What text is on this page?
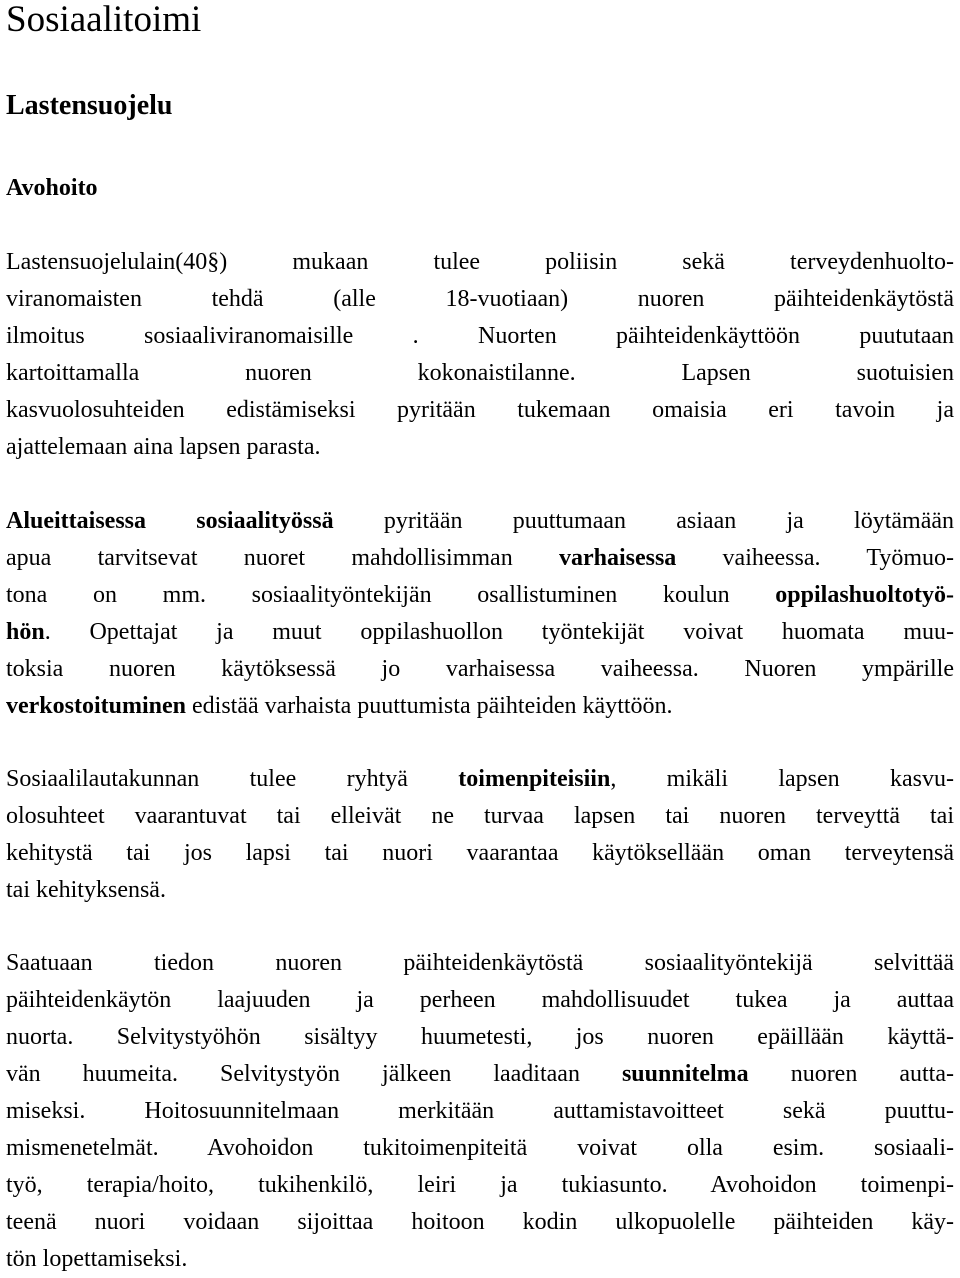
Sosiaalitoimi
Lastensuojelu
Avohoito
Lastensuojelulain(40§) mukaan tulee poliisin sekä terveydenhuolto-
viranomaisten tehdä (alle 18-vuotiaan) nuoren päihteidenkäytöstä
ilmoitus sosiaaliviranomaisille . Nuorten päihteidenkäyttöön puututaan
kartoittamalla nuoren kokonaistilanne. Lapsen suotuisien
kasvuolosuhteiden edistämiseksi pyritään tukemaan omaisia eri tavoin ja
ajattelemaan aina lapsen parasta.
Alueittaisessa sosiaalityössä pyritään puuttumaan asiaan ja löytämään
apua tarvitsevat nuoret mahdollisimman varhaisessa vaiheessa. Työmuo-
tona on mm. sosiaalityöntekijän osallistuminen koulun oppilashuoltotyö-
hön. Opettajat ja muut oppilashuollon työntekijät voivat huomata muu-
toksia nuoren käytöksessä jo varhaisessa vaiheessa. Nuoren ympärille
verkostoituminen edistää varhaista puuttumista päihteiden käyttöön.
Sosiaalilautakunnan tulee ryhtyä toimenpiteisiin, mikäli lapsen kasvu-
olosuhteet vaarantuvat tai elleivät ne turvaa lapsen tai nuoren terveyttä tai
kehitystä tai jos lapsi tai nuori vaarantaa käytöksellään oman terveytensä
tai kehityksensä.
Saatuaan tiedon nuoren päihteidenkäytöstä sosiaalityöntekijä selvittää
päihteidenkäytön laajuuden ja perheen mahdollisuudet tukea ja auttaa
nuorta. Selvitystyöhön sisältyy huumetesti, jos nuoren epäillään käyttä-
vän huumeita. Selvitystyön jälkeen laaditaan suunnitelma nuoren autta-
miseksi. Hoitosuunnitelmaan merkitään auttamistavoitteet sekä puuttu-
mismenetelmät. Avohoidon tukitoimenpiteitä voivat olla esim. sosiaali-
työ, terapia/hoito, tukihenkilö, leiri ja tukiasunto. Avohoidon toimenpi-
teenä nuori voidaan sijoittaa hoitoon kodin ulkopuolelle päihteiden käy-
tön lopettamiseksi.
